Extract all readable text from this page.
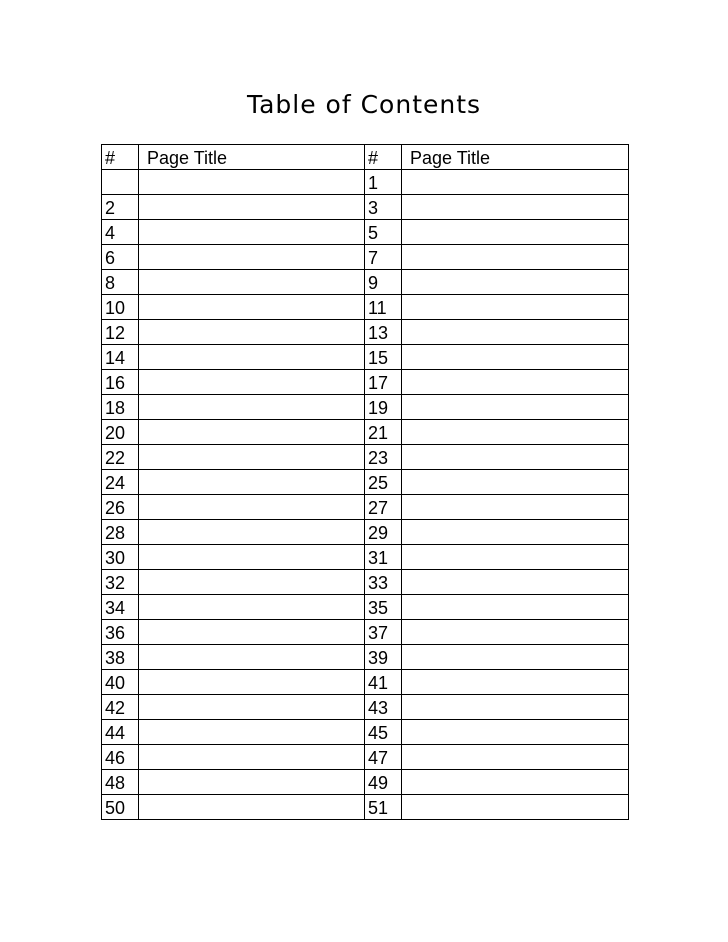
Table of Contents
#	Page Title	#	Page Title
		1	
2		3	
4		5	
6		7	
8		9	
10		11	
12		13	
14		15	
16		17	
18		19	
20		21	
22		23	
24		25	
26		27	
28		29	
30		31	
32		33	
34		35	
36		37	
38		39	
40		41	
42		43	
44		45	
46		47	
48		49	
50		51	
